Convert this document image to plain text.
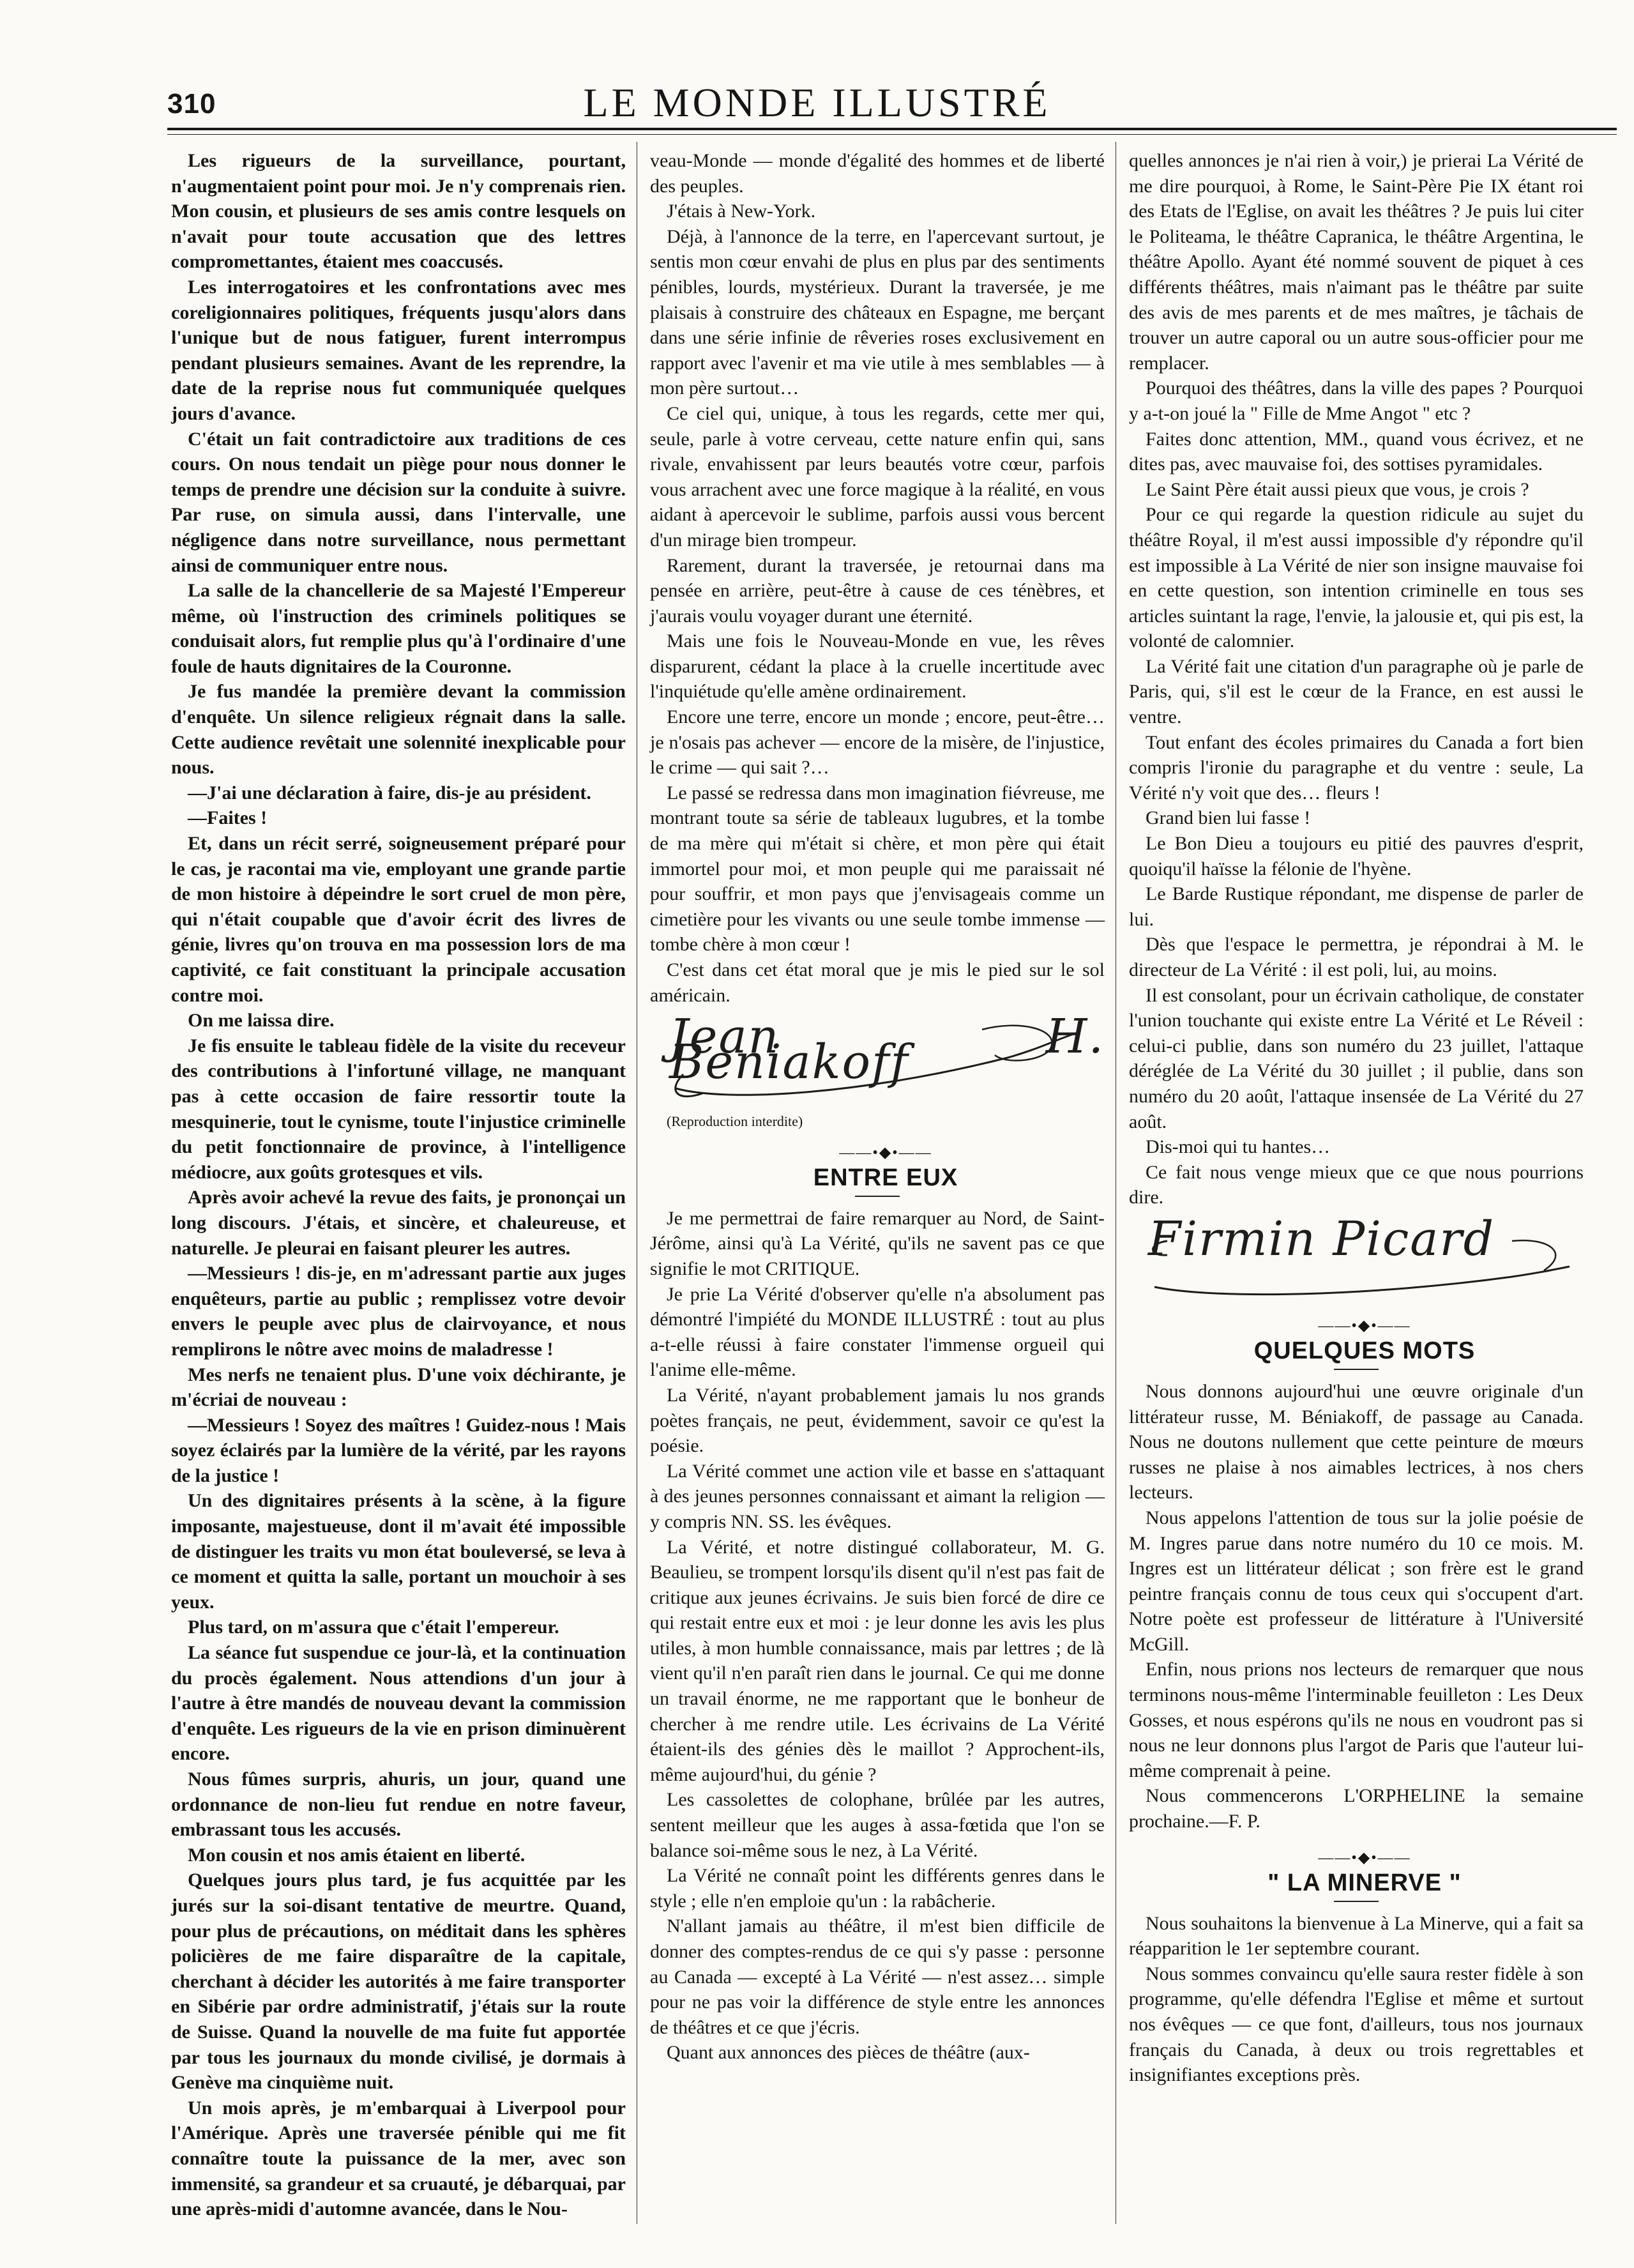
310	LE MONDE ILLUSTRÉ

Les rigueurs de la surveillance, pourtant, n'augmentaient point pour moi. Je n'y comprenais rien. Mon cousin, et plusieurs de ses amis contre lesquels on n'avait pour toute accusation que des lettres compromettantes, étaient mes coaccusés.

Les interrogatoires et les confrontations avec mes coreligionnaires politiques, fréquents jusqu'alors dans l'unique but de nous fatiguer, furent interrompus pendant plusieurs semaines. Avant de les reprendre, la date de la reprise nous fut communiquée quelques jours d'avance.

C'était un fait contradictoire aux traditions de ces cours. On nous tendait un piège pour nous donner le temps de prendre une décision sur la conduite à suivre. Par ruse, on simula aussi, dans l'intervalle, une négligence dans notre surveillance, nous permettant ainsi de communiquer entre nous.

La salle de la chancellerie de sa Majesté l'Empereur même, où l'instruction des criminels politiques se conduisait alors, fut remplie plus qu'à l'ordinaire d'une foule de hauts dignitaires de la Couronne.

Je fus mandée la première devant la commission d'enquête. Un silence religieux régnait dans la salle. Cette audience revêtait une solennité inexplicable pour nous.

—J'ai une déclaration à faire, dis-je au président.

—Faites !

Et, dans un récit serré, soigneusement préparé pour le cas, je racontai ma vie, employant une grande partie de mon histoire à dépeindre le sort cruel de mon père, qui n'était coupable que d'avoir écrit des livres de génie, livres qu'on trouva en ma possession lors de ma captivité, ce fait constituant la principale accusation contre moi.

On me laissa dire.

Je fis ensuite le tableau fidèle de la visite du receveur des contributions à l'infortuné village, ne manquant pas à cette occasion de faire ressortir toute la mesquinerie, tout le cynisme, toute l'injustice criminelle du petit fonctionnaire de province, à l'intelligence médiocre, aux goûts grotesques et vils.

Après avoir achevé la revue des faits, je prononçai un long discours. J'étais, et sincère, et chaleureuse, et naturelle. Je pleurai en faisant pleurer les autres.

—Messieurs ! dis-je, en m'adressant partie aux juges enquêteurs, partie au public ; remplissez votre devoir envers le peuple avec plus de clairvoyance, et nous remplirons le nôtre avec moins de maladresse !

Mes nerfs ne tenaient plus. D'une voix déchirante, je m'écriai de nouveau :

—Messieurs ! Soyez des maîtres ! Guidez-nous ! Mais soyez éclairés par la lumière de la vérité, par les rayons de la justice !

Un des dignitaires présents à la scène, à la figure imposante, majestueuse, dont il m'avait été impossible de distinguer les traits vu mon état bouleversé, se leva à ce moment et quitta la salle, portant un mouchoir à ses yeux.

Plus tard, on m'assura que c'était l'empereur.

La séance fut suspendue ce jour-là, et la continuation du procès également. Nous attendions d'un jour à l'autre à être mandés de nouveau devant la commission d'enquête. Les rigueurs de la vie en prison diminuèrent encore.

Nous fûmes surpris, ahuris, un jour, quand une ordonnance de non-lieu fut rendue en notre faveur, embrassant tous les accusés.

Mon cousin et nos amis étaient en liberté.

Quelques jours plus tard, je fus acquittée par les jurés sur la soi-disant tentative de meurtre. Quand, pour plus de précautions, on méditait dans les sphères policières de me faire disparaître de la capitale, cherchant à décider les autorités à me faire transporter en Sibérie par ordre administratif, j'étais sur la route de Suisse. Quand la nouvelle de ma fuite fut apportée par tous les journaux du monde civilisé, je dormais à Genève ma cinquième nuit.

Un mois après, je m'embarquai à Liverpool pour l'Amérique. Après une traversée pénible qui me fit connaître toute la puissance de la mer, avec son immensité, sa grandeur et sa cruauté, je débarquai, par une après-midi d'automne avancée, dans le Nou-

veau-Monde — monde d'égalité des hommes et de liberté des peuples.

J'étais à New-York.

Déjà, à l'annonce de la terre, en l'apercevant surtout, je sentis mon cœur envahi de plus en plus par des sentiments pénibles, lourds, mystérieux. Durant la traversée, je me plaisais à construire des châteaux en Espagne, me berçant dans une série infinie de rêveries roses exclusivement en rapport avec l'avenir et ma vie utile à mes semblables — à mon père surtout…

Ce ciel qui, unique, à tous les regards, cette mer qui, seule, parle à votre cerveau, cette nature enfin qui, sans rivale, envahissent par leurs beautés votre cœur, parfois vous arrachent avec une force magique à la réalité, en vous aidant à apercevoir le sublime, parfois aussi vous bercent d'un mirage bien trompeur.

Rarement, durant la traversée, je retournai dans ma pensée en arrière, peut-être à cause de ces ténèbres, et j'aurais voulu voyager durant une éternité.

Mais une fois le Nouveau-Monde en vue, les rêves disparurent, cédant la place à la cruelle incertitude avec l'inquiétude qu'elle amène ordinairement.

Encore une terre, encore un monde ; encore, peut-être… je n'osais pas achever — encore de la misère, de l'injustice, le crime — qui sait ?…

Le passé se redressa dans mon imagination fiévreuse, me montrant toute sa série de tableaux lugubres, et la tombe de ma mère qui m'était si chère, et mon père qui était immortel pour moi, et mon peuple qui me paraissait né pour souffrir, et mon pays que j'envisageais comme un cimetière pour les vivants ou une seule tombe immense — tombe chère à mon cœur !

C'est dans cet état moral que je mis le pied sur le sol américain.

Jean H. Beniakoff

(Reproduction interdite)

——•◆•——

ENTRE EUX

Je me permettrai de faire remarquer au Nord, de Saint-Jérôme, ainsi qu'à La Vérité, qu'ils ne savent pas ce que signifie le mot CRITIQUE.

Je prie La Vérité d'observer qu'elle n'a absolument pas démontré l'impiété du MONDE ILLUSTRÉ : tout au plus a-t-elle réussi à faire constater l'immense orgueil qui l'anime elle-même.

La Vérité, n'ayant probablement jamais lu nos grands poètes français, ne peut, évidemment, savoir ce qu'est la poésie.

La Vérité commet une action vile et basse en s'attaquant à des jeunes personnes connaissant et aimant la religion — y compris NN. SS. les évêques.

La Vérité, et notre distingué collaborateur, M. G. Beaulieu, se trompent lorsqu'ils disent qu'il n'est pas fait de critique aux jeunes écrivains. Je suis bien forcé de dire ce qui restait entre eux et moi : je leur donne les avis les plus utiles, à mon humble connaissance, mais par lettres ; de là vient qu'il n'en paraît rien dans le journal. Ce qui me donne un travail énorme, ne me rapportant que le bonheur de chercher à me rendre utile. Les écrivains de La Vérité étaient-ils des génies dès le maillot ? Approchent-ils, même aujourd'hui, du génie ?

Les cassolettes de colophane, brûlée par les autres, sentent meilleur que les auges à assa-fœtida que l'on se balance soi-même sous le nez, à La Vérité.

La Vérité ne connaît point les différents genres dans le style ; elle n'en emploie qu'un : la rabâcherie.

N'allant jamais au théâtre, il m'est bien difficile de donner des comptes-rendus de ce qui s'y passe : personne au Canada — excepté à La Vérité — n'est assez… simple pour ne pas voir la différence de style entre les annonces de théâtres et ce que j'écris.

Quant aux annonces des pièces de théâtre (aux-

quelles annonces je n'ai rien à voir,) je prierai La Vérité de me dire pourquoi, à Rome, le Saint-Père Pie IX étant roi des Etats de l'Eglise, on avait les théâtres ? Je puis lui citer le Politeama, le théâtre Capranica, le théâtre Argentina, le théâtre Apollo. Ayant été nommé souvent de piquet à ces différents théâtres, mais n'aimant pas le théâtre par suite des avis de mes parents et de mes maîtres, je tâchais de trouver un autre caporal ou un autre sous-officier pour me remplacer.

Pourquoi des théâtres, dans la ville des papes ? Pourquoi y a-t-on joué la " Fille de Mme Angot " etc ?

Faites donc attention, MM., quand vous écrivez, et ne dites pas, avec mauvaise foi, des sottises pyramidales.

Le Saint Père était aussi pieux que vous, je crois ?

Pour ce qui regarde la question ridicule au sujet du théâtre Royal, il m'est aussi impossible d'y répondre qu'il est impossible à La Vérité de nier son insigne mauvaise foi en cette question, son intention criminelle en tous ses articles suintant la rage, l'envie, la jalousie et, qui pis est, la volonté de calomnier.

La Vérité fait une citation d'un paragraphe où je parle de Paris, qui, s'il est le cœur de la France, en est aussi le ventre.

Tout enfant des écoles primaires du Canada a fort bien compris l'ironie du paragraphe et du ventre : seule, La Vérité n'y voit que des… fleurs !

Grand bien lui fasse !

Le Bon Dieu a toujours eu pitié des pauvres d'esprit, quoiqu'il haïsse la félonie de l'hyène.

Le Barde Rustique répondant, me dispense de parler de lui.

Dès que l'espace le permettra, je répondrai à M. le directeur de La Vérité : il est poli, lui, au moins.

Il est consolant, pour un écrivain catholique, de constater l'union touchante qui existe entre La Vérité et Le Réveil : celui-ci publie, dans son numéro du 23 juillet, l'attaque déréglée de La Vérité du 30 juillet ; il publie, dans son numéro du 20 août, l'attaque insensée de La Vérité du 27 août.

Dis-moi qui tu hantes…

Ce fait nous venge mieux que ce que nous pourrions dire.

Firmin Picard

——•◆•——

QUELQUES MOTS

Nous donnons aujourd'hui une œuvre originale d'un littérateur russe, M. Béniakoff, de passage au Canada. Nous ne doutons nullement que cette peinture de mœurs russes ne plaise à nos aimables lectrices, à nos chers lecteurs.

Nous appelons l'attention de tous sur la jolie poésie de M. Ingres parue dans notre numéro du 10 ce mois. M. Ingres est un littérateur délicat ; son frère est le grand peintre français connu de tous ceux qui s'occupent d'art. Notre poète est professeur de littérature à l'Université McGill.

Enfin, nous prions nos lecteurs de remarquer que nous terminons nous-même l'interminable feuilleton : Les Deux Gosses, et nous espérons qu'ils ne nous en voudront pas si nous ne leur donnons plus l'argot de Paris que l'auteur lui-même comprenait à peine.

Nous commencerons L'ORPHELINE la semaine prochaine.—F. P.

——•◆•——

" LA MINERVE "

Nous souhaitons la bienvenue à La Minerve, qui a fait sa réapparition le 1er septembre courant.

Nous sommes convaincu qu'elle saura rester fidèle à son programme, qu'elle défendra l'Eglise et même et surtout nos évêques — ce que font, d'ailleurs, tous nos journaux français du Canada, à deux ou trois regrettables et insignifiantes exceptions près.
